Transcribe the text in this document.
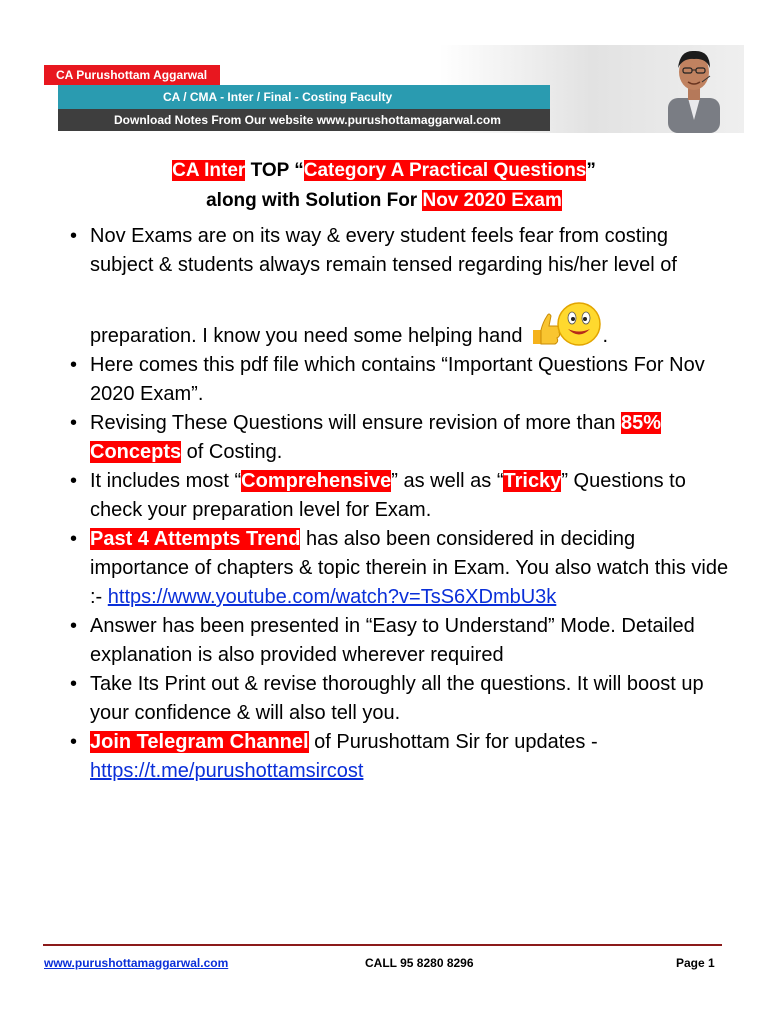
CA Purushottam Aggarwal
CA / CMA - Inter / Final - Costing Faculty
Download Notes From Our website www.purushottamaggarwal.com
CA Inter TOP “Category A Practical Questions”
along with Solution For Nov 2020 Exam
• Nov Exams are on its way & every student feels fear from costing subject & students always remain tensed regarding his/her level of
preparation. I know you need some helping hand	.
• Here comes this pdf file which contains “Important Questions For Nov 2020 Exam”.
• Revising These Questions will ensure revision of more than 85% Concepts of Costing.
• It includes most “Comprehensive” as well as “Tricky” Questions to check your preparation level for Exam.
• Past 4 Attempts Trend has also been considered in deciding importance of chapters & topic therein in Exam. You also watch this vide :- https://www.youtube.com/watch?v=TsS6XDmbU3k
• Answer has been presented in “Easy to Understand” Mode. Detailed explanation is also provided wherever required
• Take Its Print out & revise thoroughly all the questions. It will boost up your confidence & will also tell you.
• Join Telegram Channel of Purushottam Sir for updates - https://t.me/purushottamsircost
www.purushottamaggarwal.com	CALL 95 8280 8296	Page 1
